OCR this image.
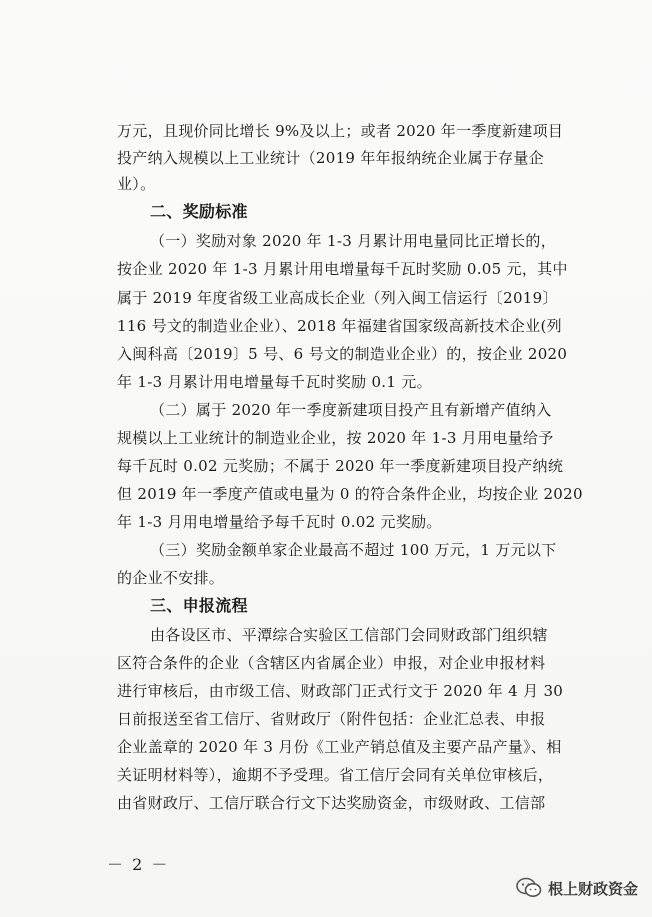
万元，且现价同比增长 9%及以上；或者 2020 年一季度新建项目
投产纳入规模以上工业统计（2019 年年报纳统企业属于存量企
业）。
二、奖励标准
（一）奖励对象 2020 年 1-3 月累计用电量同比正增长的，
按企业 2020 年 1-3 月累计用电增量每千瓦时奖励 0.05 元，其中
属于 2019 年度省级工业高成长企业（列入闽工信运行〔2019〕
116 号文的制造业企业）、2018 年福建省国家级高新技术企业(列
入闽科高〔2019〕5 号、6 号文的制造业企业）的，按企业 2020
年 1-3 月累计用电增量每千瓦时奖励 0.1 元。
（二）属于 2020 年一季度新建项目投产且有新增产值纳入
规模以上工业统计的制造业企业，按 2020 年 1-3 月用电量给予
每千瓦时 0.02 元奖励；不属于 2020 年一季度新建项目投产纳统
但 2019 年一季度产值或电量为 0 的符合条件企业，均按企业 2020
年 1-3 月用电增量给予每千瓦时 0.02 元奖励。
（三）奖励金额单家企业最高不超过 100 万元，1 万元以下
的企业不安排。
三、申报流程
由各设区市、平潭综合实验区工信部门会同财政部门组织辖
区符合条件的企业（含辖区内省属企业）申报，对企业申报材料
进行审核后，由市级工信、财政部门正式行文于 2020 年 4 月 30
日前报送至省工信厅、省财政厅（附件包括：企业汇总表、申报
企业盖章的 2020 年 3 月份《工业产销总值及主要产品产量》、相
关证明材料等），逾期不予受理。省工信厅会同有关单位审核后，
由省财政厅、工信厅联合行文下达奖励资金，市级财政、工信部
－ 2 －
根上财政资金
